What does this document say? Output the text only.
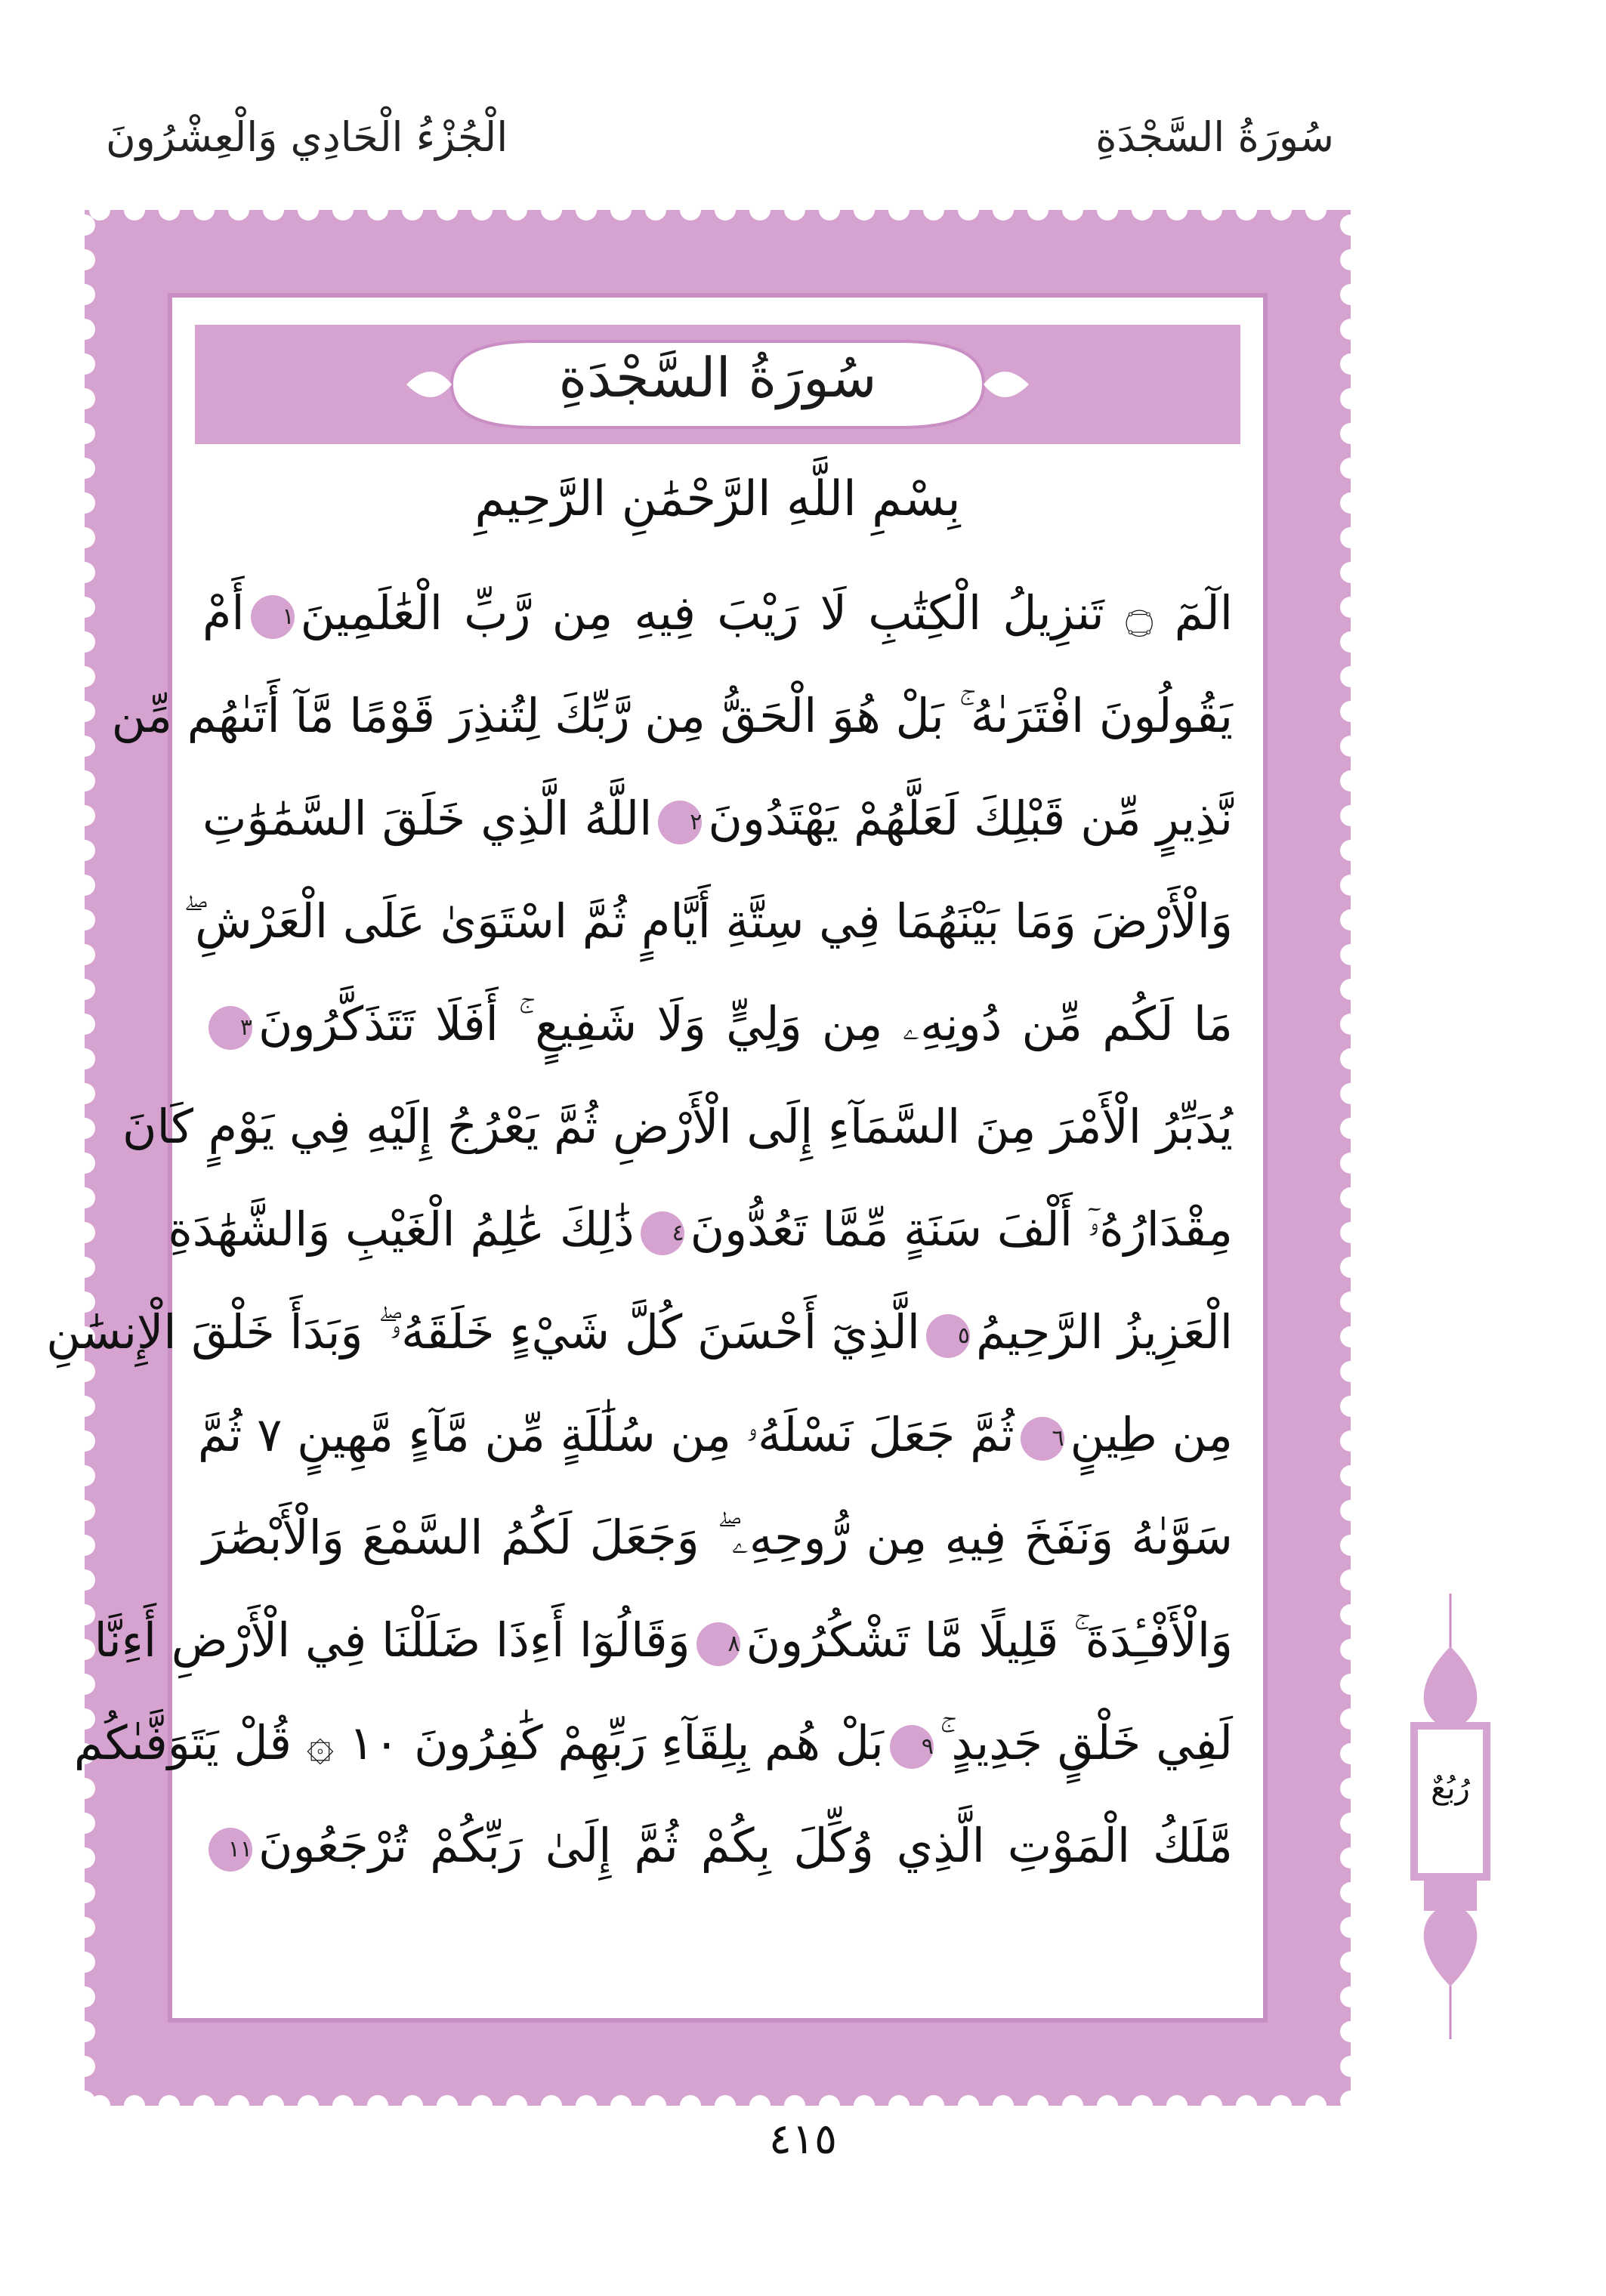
سُورَةُ السَّجْدَةِ
الْجُزْءُ الْحَادِي وَالْعِشْرُونَ
سُورَةُ السَّجْدَةِ
بِسْمِ اللَّهِ الرَّحْمَٰنِ الرَّحِيمِ
الٓمٓ ۝ تَنزِيلُ الْكِتَٰبِ لَا رَيْبَ فِيهِ مِن رَّبِّ الْعَٰلَمِينَ١أَمْ
يَقُولُونَ افْتَرَىٰهُ ۚ بَلْ هُوَ الْحَقُّ مِن رَّبِّكَ لِتُنذِرَ قَوْمًا مَّآ أَتَىٰهُم مِّن
نَّذِيرٍ مِّن قَبْلِكَ لَعَلَّهُمْ يَهْتَدُونَ٢اللَّهُ الَّذِي خَلَقَ السَّمَٰوَٰتِ
وَالْأَرْضَ وَمَا بَيْنَهُمَا فِي سِتَّةِ أَيَّامٍ ثُمَّ اسْتَوَىٰ عَلَى الْعَرْشِ ۖ
مَا لَكُم مِّن دُونِهِۦ مِن وَلِيٍّ وَلَا شَفِيعٍ ۚ أَفَلَا تَتَذَكَّرُونَ٣
يُدَبِّرُ الْأَمْرَ مِنَ السَّمَآءِ إِلَى الْأَرْضِ ثُمَّ يَعْرُجُ إِلَيْهِ فِي يَوْمٍ كَانَ
مِقْدَارُهُۥٓ أَلْفَ سَنَةٍ مِّمَّا تَعُدُّونَ٤ذَٰلِكَ عَٰلِمُ الْغَيْبِ وَالشَّهَٰدَةِ
الْعَزِيزُ الرَّحِيمُ٥الَّذِيٓ أَحْسَنَ كُلَّ شَيْءٍ خَلَقَهُۥ ۖ وَبَدَأَ خَلْقَ الْإِنسَٰنِ
مِن طِينٍ٦ثُمَّ جَعَلَ نَسْلَهُۥ مِن سُلَٰلَةٍ مِّن مَّآءٍ مَّهِينٍ ٧ ثُمَّ
سَوَّىٰهُ وَنَفَخَ فِيهِ مِن رُّوحِهِۦ ۖ وَجَعَلَ لَكُمُ السَّمْعَ وَالْأَبْصَٰرَ
وَالْأَفْـِٔدَةَ ۚ قَلِيلًا مَّا تَشْكُرُونَ٨وَقَالُوٓا أَءِذَا ضَلَلْنَا فِي الْأَرْضِ أَءِنَّا
لَفِي خَلْقٍ جَدِيدٍ ۚ٩بَلْ هُم بِلِقَآءِ رَبِّهِمْ كَٰفِرُونَ ١٠ ۞ قُلْ يَتَوَفَّىٰكُم
مَّلَكُ الْمَوْتِ الَّذِي وُكِّلَ بِكُمْ ثُمَّ إِلَىٰ رَبِّكُمْ تُرْجَعُونَ١١
٤١٥
رُبُعٌ
